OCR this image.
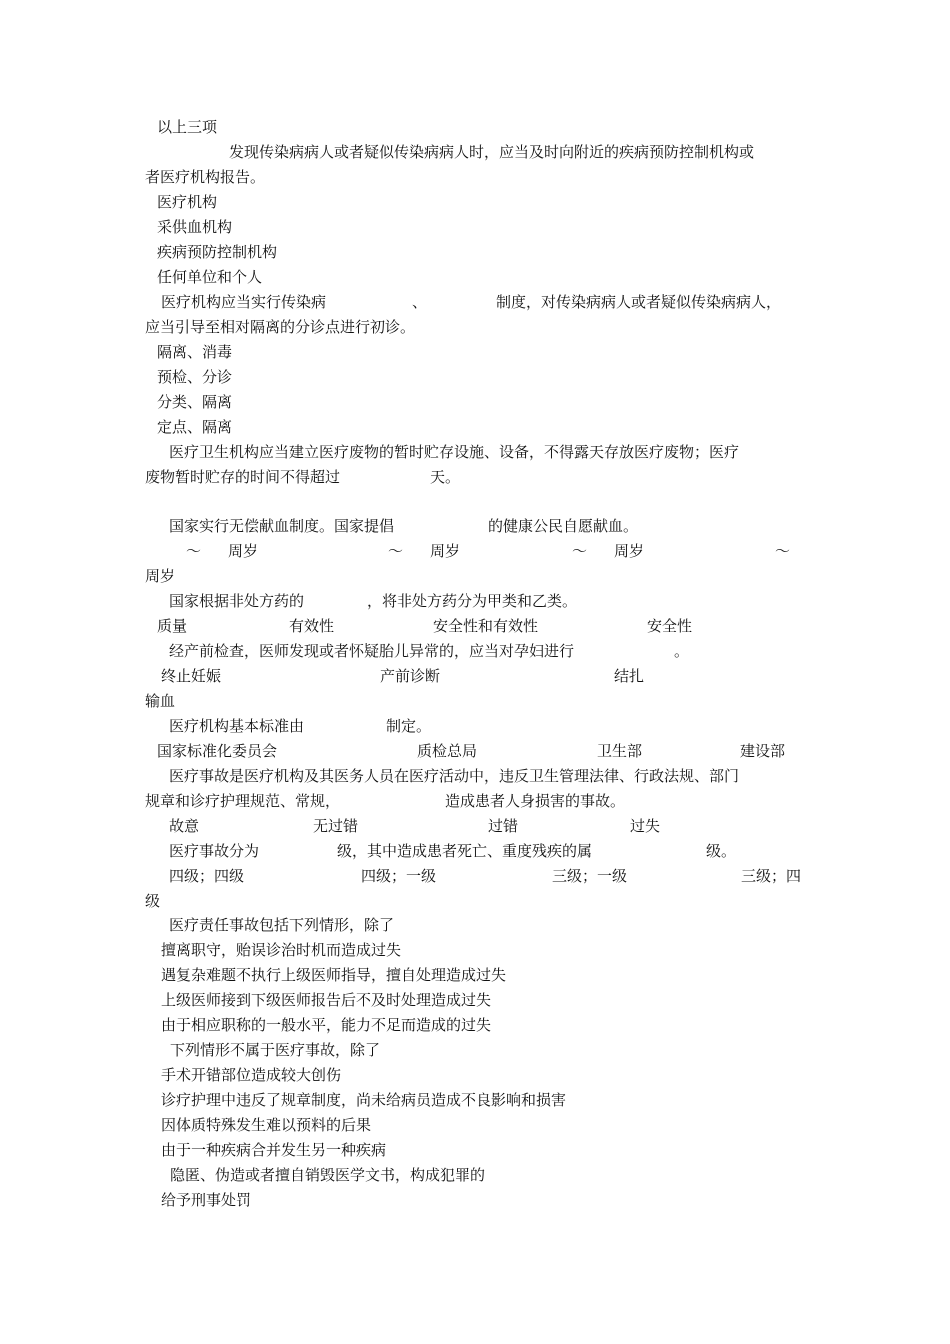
以上三项
发现传染病病人或者疑似传染病病人时，应当及时向附近的疾病预防控制机构或
者医疗机构报告。
医疗机构
采供血机构
疾病预防控制机构
任何单位和个人
医疗机构应当实行传染病	、	制度，对传染病病人或者疑似传染病病人，
应当引导至相对隔离的分诊点进行初诊。
隔离、消毒
预检、分诊
分类、隔离
定点、隔离
医疗卫生机构应当建立医疗废物的暂时贮存设施、设备，不得露天存放医疗废物；医疗
废物暂时贮存的时间不得超过	天。
国家实行无偿献血制度。国家提倡	的健康公民自愿献血。
～ 周岁	～ 周岁	～ 周岁	～
周岁
国家根据非处方药的	，将非处方药分为甲类和乙类。
质量	有效性	安全性和有效性	安全性
经产前检查，医师发现或者怀疑胎儿异常的，应当对孕妇进行	。
终止妊娠	产前诊断	结扎
输血
医疗机构基本标准由	制定。
国家标准化委员会	质检总局	卫生部	建设部
医疗事故是医疗机构及其医务人员在医疗活动中，违反卫生管理法律、行政法规、部门
规章和诊疗护理规范、常规，	造成患者人身损害的事故。
故意	无过错	过错	过失
医疗事故分为	级，其中造成患者死亡、重度残疾的属	级。
四级；四级	四级；一级	三级；一级	三级；四
级
医疗责任事故包括下列情形，除了
擅离职守，贻误诊治时机而造成过失
遇复杂难题不执行上级医师指导，擅自处理造成过失
上级医师接到下级医师报告后不及时处理造成过失
由于相应职称的一般水平，能力不足而造成的过失
下列情形不属于医疗事故，除了
手术开错部位造成较大创伤
诊疗护理中违反了规章制度，尚未给病员造成不良影响和损害
因体质特殊发生难以预料的后果
由于一种疾病合并发生另一种疾病
隐匿、伪造或者擅自销毁医学文书，构成犯罪的
给予刑事处罚
